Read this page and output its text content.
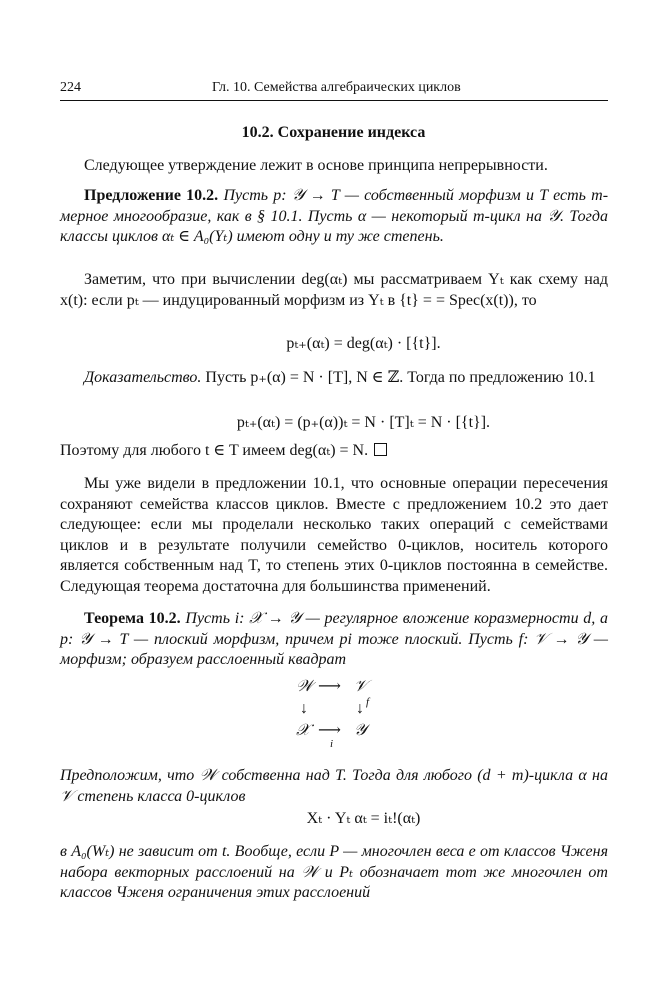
224	Гл. 10. Семейства алгебраических циклов
10.2. Сохранение индекса
Следующее утверждение лежит в основе принципа непрерывности.
Предложение 10.2. Пусть p: 𝒴 → T — собственный морфизм и T есть m-мерное многообразие, как в § 10.1. Пусть α — некоторый m-цикл на 𝒴. Тогда классы циклов αₜ ∈ A₀(Yₜ) имеют одну и ту же степень.
Заметим, что при вычислении deg(αₜ) мы рассматриваем Yₜ как схему над x(t): если pₜ — индуцированный морфизм из Yₜ в {t} = = Spec(x(t)), то
pₜ₊(αₜ) = deg(αₜ) · [{t}].
Доказательство. Пусть p₊(α) = N · [T], N ∈ ℤ. Тогда по предложению 10.1
pₜ₊(αₜ) = (p₊(α))ₜ = N · [T]ₜ = N · [{t}].
Поэтому для любого t ∈ T имеем deg(αₜ) = N.
Мы уже видели в предложении 10.1, что основные операции пересечения сохраняют семейства классов циклов. Вместе с предложением 10.2 это дает следующее: если мы проделали несколько таких операций с семействами циклов и в результате получили семейство 0-циклов, носитель которого является собственным над T, то степень этих 0-циклов постоянна в семействе. Следующая теорема достаточна для большинства применений.
Теорема 10.2. Пусть i: 𝒳 → 𝒴 — регулярное вложение коразмерности d, а p: 𝒴 → T — плоский морфизм, причем pi тоже плоский. Пусть f: 𝒱 → 𝒴 — морфизм; образуем расслоенный квадрат
𝒲 ⟶ 𝒱
↓	↓ f
𝒳 ⟶
i
𝒴
Предположим, что 𝒲 собственна над T. Тогда для любого (d + m)-цикла α на 𝒱 степень класса 0-циклов
Xₜ · Yₜ αₜ = iₜ!(αₜ)
в A₀(Wₜ) не зависит от t. Вообще, если P — многочлен веса e от классов Чженя набора векторных расслоений на 𝒲 и Pₜ обозначает тот же многочлен от классов Чженя ограничения этих расслоений
